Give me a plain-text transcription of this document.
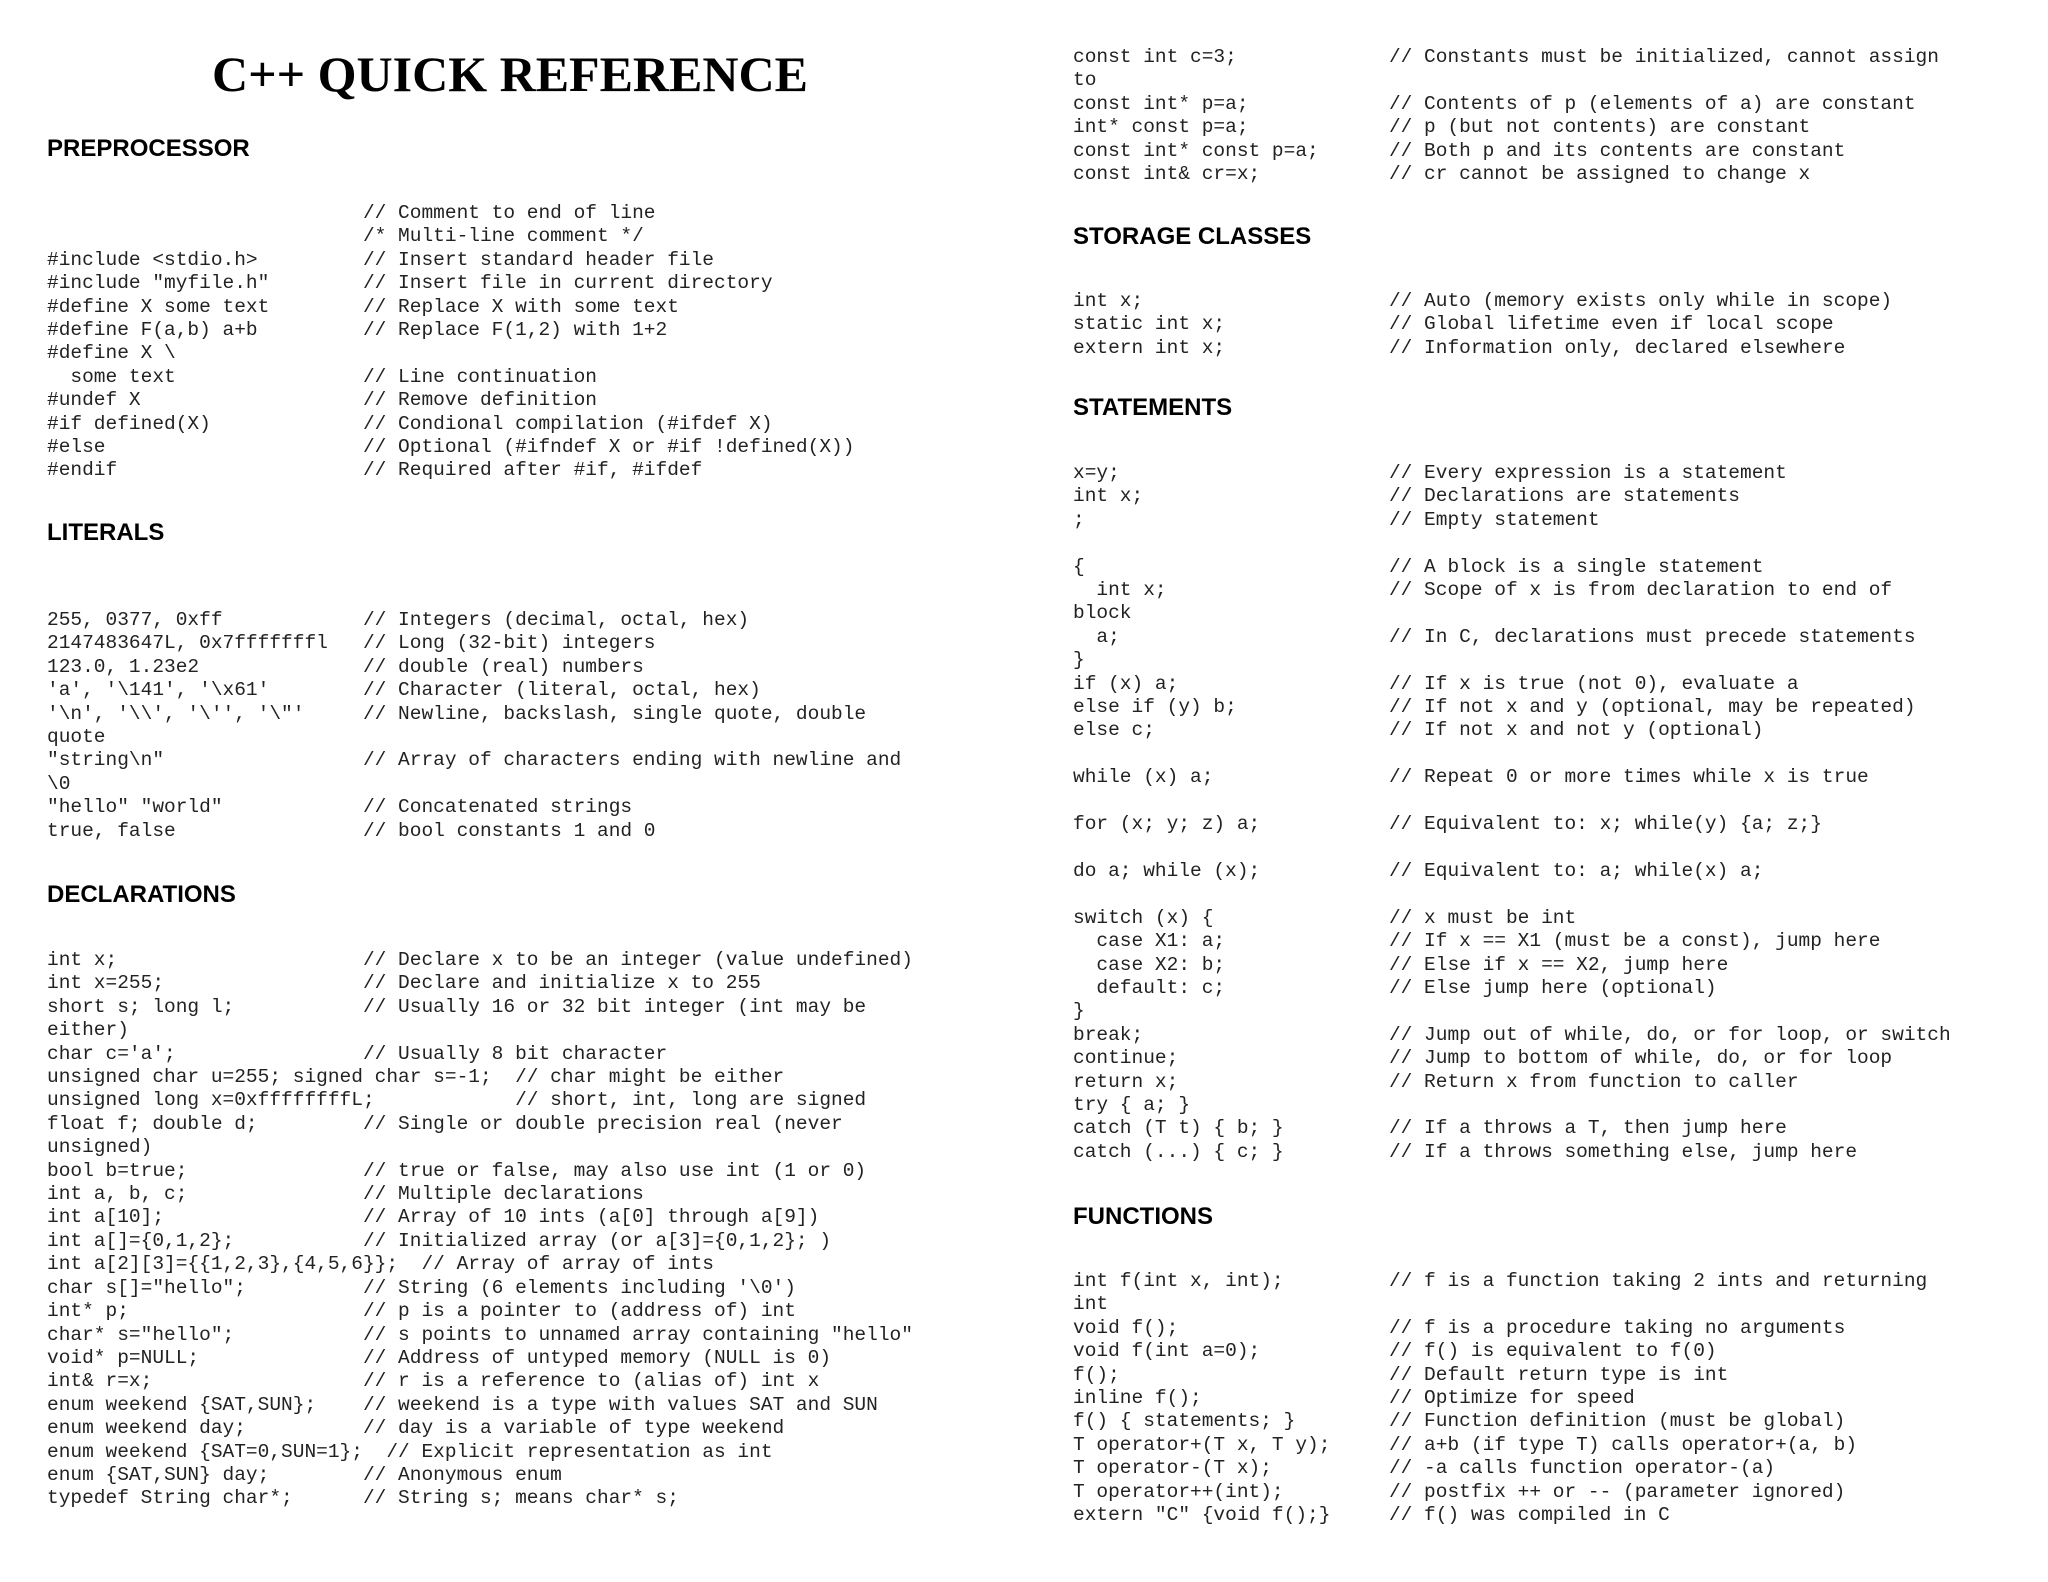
C++ QUICK REFERENCE
PREPROCESSOR
// Comment to end of line
/* Multi-line comment */
#include <stdio.h>         // Insert standard header file
#include "myfile.h"        // Insert file in current directory
#define X some text        // Replace X with some text
#define F(a,b) a+b         // Replace F(1,2) with 1+2
#define X \
some text                // Line continuation
#undef X                   // Remove definition
#if defined(X)             // Condional compilation (#ifdef X)
#else                      // Optional (#ifndef X or #if !defined(X))
#endif                     // Required after #if, #ifdef
LITERALS
255, 0377, 0xff            // Integers (decimal, octal, hex)
2147483647L, 0x7fffffffl   // Long (32-bit) integers
123.0, 1.23e2              // double (real) numbers
'a', '\141', '\x61'        // Character (literal, octal, hex)
'\n', '\\', '\'', '\"'     // Newline, backslash, single quote, double
quote
"string\n"                 // Array of characters ending with newline and
\0
"hello" "world"            // Concatenated strings
true, false                // bool constants 1 and 0
DECLARATIONS
int x;                     // Declare x to be an integer (value undefined)
int x=255;                 // Declare and initialize x to 255
short s; long l;           // Usually 16 or 32 bit integer (int may be
either)
char c='a';                // Usually 8 bit character
unsigned char u=255; signed char s=-1;  // char might be either
unsigned long x=0xffffffffL;            // short, int, long are signed
float f; double d;         // Single or double precision real (never
unsigned)
bool b=true;               // true or false, may also use int (1 or 0)
int a, b, c;               // Multiple declarations
int a[10];                 // Array of 10 ints (a[0] through a[9])
int a[]={0,1,2};           // Initialized array (or a[3]={0,1,2}; )
int a[2][3]={{1,2,3},{4,5,6}};  // Array of array of ints
char s[]="hello";          // String (6 elements including '\0')
int* p;                    // p is a pointer to (address of) int
char* s="hello";           // s points to unnamed array containing "hello"
void* p=NULL;              // Address of untyped memory (NULL is 0)
int& r=x;                  // r is a reference to (alias of) int x
enum weekend {SAT,SUN};    // weekend is a type with values SAT and SUN
enum weekend day;          // day is a variable of type weekend
enum weekend {SAT=0,SUN=1};  // Explicit representation as int
enum {SAT,SUN} day;        // Anonymous enum
typedef String char*;      // String s; means char* s;
const int c=3;             // Constants must be initialized, cannot assign
to
const int* p=a;            // Contents of p (elements of a) are constant
int* const p=a;            // p (but not contents) are constant
const int* const p=a;      // Both p and its contents are constant
const int& cr=x;           // cr cannot be assigned to change x
STORAGE CLASSES
int x;                     // Auto (memory exists only while in scope)
static int x;              // Global lifetime even if local scope
extern int x;              // Information only, declared elsewhere
STATEMENTS
x=y;                       // Every expression is a statement
int x;                     // Declarations are statements
;                          // Empty statement

{                          // A block is a single statement
int x;                   // Scope of x is from declaration to end of
block
a;                       // In C, declarations must precede statements
}
if (x) a;                  // If x is true (not 0), evaluate a
else if (y) b;             // If not x and y (optional, may be repeated)
else c;                    // If not x and not y (optional)

while (x) a;               // Repeat 0 or more times while x is true

for (x; y; z) a;           // Equivalent to: x; while(y) {a; z;}

do a; while (x);           // Equivalent to: a; while(x) a;

switch (x) {               // x must be int
case X1: a;              // If x == X1 (must be a const), jump here
case X2: b;              // Else if x == X2, jump here
default: c;              // Else jump here (optional)
}
break;                     // Jump out of while, do, or for loop, or switch
continue;                  // Jump to bottom of while, do, or for loop
return x;                  // Return x from function to caller
try { a; }
catch (T t) { b; }         // If a throws a T, then jump here
catch (...) { c; }         // If a throws something else, jump here
FUNCTIONS
int f(int x, int);         // f is a function taking 2 ints and returning
int
void f();                  // f is a procedure taking no arguments
void f(int a=0);           // f() is equivalent to f(0)
f();                       // Default return type is int
inline f();                // Optimize for speed
f() { statements; }        // Function definition (must be global)
T operator+(T x, T y);     // a+b (if type T) calls operator+(a, b)
T operator-(T x);          // -a calls function operator-(a)
T operator++(int);         // postfix ++ or -- (parameter ignored)
extern "C" {void f();}     // f() was compiled in C
